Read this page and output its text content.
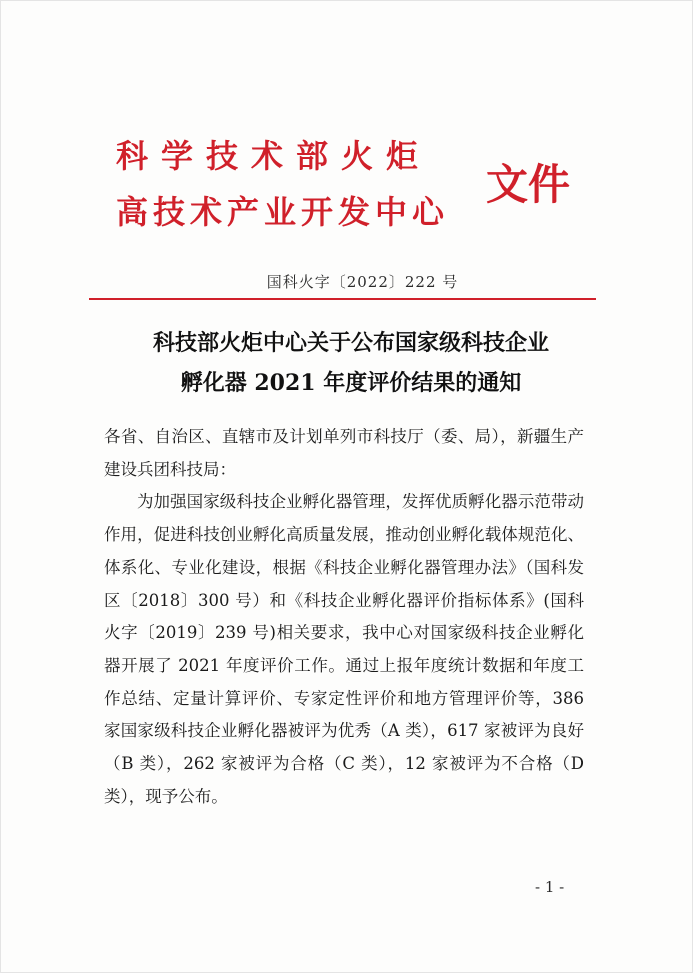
科学技术部火炬
高技术产业开发中心
文件
国科火字〔2022〕222 号
科技部火炬中心关于公布国家级科技企业
孵化器 2021 年度评价结果的通知

各省、自治区、直辖市及计划单列市科技厅（委、局），新疆生产建设兵团科技局：

为加强国家级科技企业孵化器管理，发挥优质孵化器示范带动作用，促进科技创业孵化高质量发展，推动创业孵化载体规范化、体系化、专业化建设，根据《科技企业孵化器管理办法》（国科发区〔2018〕300 号）和《科技企业孵化器评价指标体系》(国科火字〔2019〕239 号)相关要求，我中心对国家级科技企业孵化器开展了 2021 年度评价工作。通过上报年度统计数据和年度工作总结、定量计算评价、专家定性评价和地方管理评价等，386 家国家级科技企业孵化器被评为优秀（A 类），617 家被评为良好（B 类），262 家被评为合格（C 类），12 家被评为不合格（D 类），现予公布。

- 1 -
